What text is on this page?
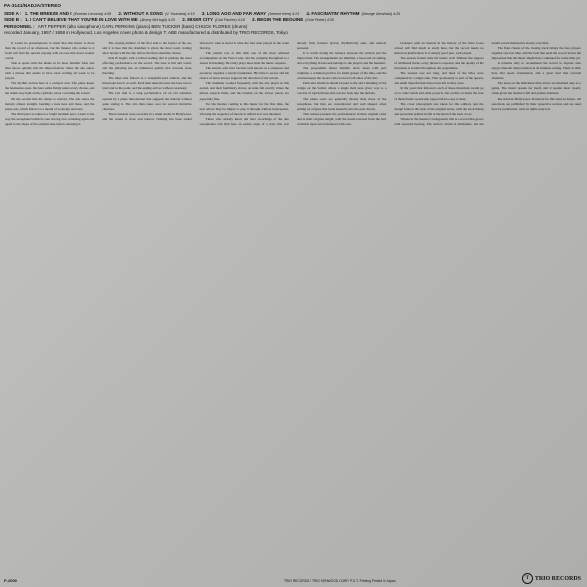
PA-3141/NADJA/STEREO
SIDE A : 1. THE BREEZE AND I (Ernesto Lecuona) 4:08 2. WITHOUT A SONG (V. Youmans) 4:15 3. LONG AGO AND FAR AWAY (Jerome Kern) 4:13 4. FASCINATIN' RHYTHM (George Gershwin) 4:25
SIDE B : 1. I CAN'T BELIEVE THAT YOU'RE IN LOVE WITH ME (Jimmy McHugh) 4:20 2. MIXER CITY (Carl Fischer) 4:18 3. BEGIN THE BEGUINE (Cole Porter) 4:30
PERSONNEL : ART PEPPER (alto saxophone) CARL PERKINS (piano) BEN TUCKER (bass) CHUCK FLORES (drums)
recorded January, 1957 / 1958 in Hollywood, Los Angeles cover photo & design T. ABE manufactured & distributed by TRIO RECORDS, Tokyo

It would be presumptuous to insist that this music is more than the record of an afternoon, but the listener who comes to it fresh will find the quartet playing with an ease that never sounds casual.

Side A opens with the theme in its most familiar form and then moves quickly into the improvisation, where the alto enters with a phrase that seems to have been waiting all week to be played.

The rhythm section here is a compact unit. The piano keeps the harmonies open, the bass walks firmly under every chorus, and the drums stay light on the cymbals, never crowding the soloist.

On the second title the tempo is relaxed. The alto states the melody almost straight, bending a note here and there, and the piano solo which follows is a model of economy and taste.

The third piece is taken at a bright medium pace. Listen to the way the saxophone builds its solo in long arcs, returning again and again to the shape of the original tune before releasing it.

The closing number of the first side is the fastest of the set, and it is here that the drummer is given the most room, trading short breaks with the alto before the final ensemble chorus.

Side B begins with a ballad reading that is perhaps the most affecting performance on the record. The tone is full and warm, and the phrasing has an unhurried quality that rewards close listening.

The blues that follows is a straightforward vehicle, and the musicians treat it as such. Each man takes his turn, the bass solo is brief and to the point, and the ending arrives without ceremony.

The last title is a long performance on an old standard, opened by a piano introduction that suggests the melody without quite stating it. The alto then takes over for several inventive choruses.

These sessions were recorded in a small studio in Hollywood, and the sound is close and natural. Nothing has been added afterward; what is heard is what the four men played in the room that day.

The pianist was at this time one of the most admired accompanists on the West Coast, and his comping throughout is a lesson in listening. He rarely plays more than the music requires.

The bassist, who later became well known as a composer and producer, supplies a steady foundation. His time is secure and his choice of notes always supports the direction of the soloist.

The drummer worked frequently with the alto player in this period, and their familiarity shows. Accents fall exactly where the phrase expects them, and the brushes on the slower pieces are especially fine.

For the listener coming to this music for the first time, the best advice may be simply to play it through without interruption, allowing the sequence of moods to unfold as it was intended.

Those who already know the later recordings of the alto saxophonist will find here an earlier stage of a style that was already fully formed: lyrical, rhythmically alert, and entirely personal.

It is worth noting the balance between the written and the improvised. The arrangements are minimal, a head and an ending, and everything in between belongs to the players and the moment.

The programme mixes familiar show tunes with jazz originals, a common practice for small groups of the time, and the contrast keeps the record varied across both sides of the disc.

Particular attention should be paid to the alto's handling of the bridge on the ballad, where a single held note gives way to a cascade of rapid phrases that resolve back into the melody.

The piano solos are generally shorter than those of the saxophone, but they are concentrated and well shaped, often ending on a figure that leads naturally into the next chorus.

This reissue presents the performances in their original order and at their original length, with the sound restored from the best available tapes and transferred with care.

Listeners with an interest in the history of the West Coast school will find much to study here, but the record needs no historical justification. It is simply good jazz, well played.

The quartet format suits the leader well. Without the support of additional horns, every phrase is exposed, and the quality of his invention is evident throughout the programme.

The session was not long, and most of the titles were completed in a single take. That spontaneity is part of the appeal, and small imperfections have been left as they were.

In the years that followed, each of these musicians would go on to other bands and other projects, but on this occasion the four of them found a particular rapport that is easy to hear.

The cover photograph was taken for this edition, and the design follows the style of the original series, with the track listing and personnel printed in full at the head of the back cover.

Whatever the listener's background, this is a record that grows with repeated hearing. The surface charm is immediate, but the details reveal themselves slowly over time.

The final chorus of the closing track brings the four players together one last time, and the fade that ends the record leaves the impression that the music might have continued for some time yet.

It remains only to recommend the record to anyone who enjoys melodic improvisation in an intimate setting. There is little here that needs explanation, and a great deal that rewards attention.

The notes on the individual titles above are intended only as a guide. The music speaks for itself, and it speaks most clearly when given the listener's full and patient attention.

Recorded in Hollywood. Produced for this issue in Tokyo. All selections are published by their respective owners and are used here by permission, with all rights reserved.

P-2000	TRIO RECORDS / TRIO KENWOOD CORP. P.O.T. Printing Printed in Japan	T TRIO RECORDS
